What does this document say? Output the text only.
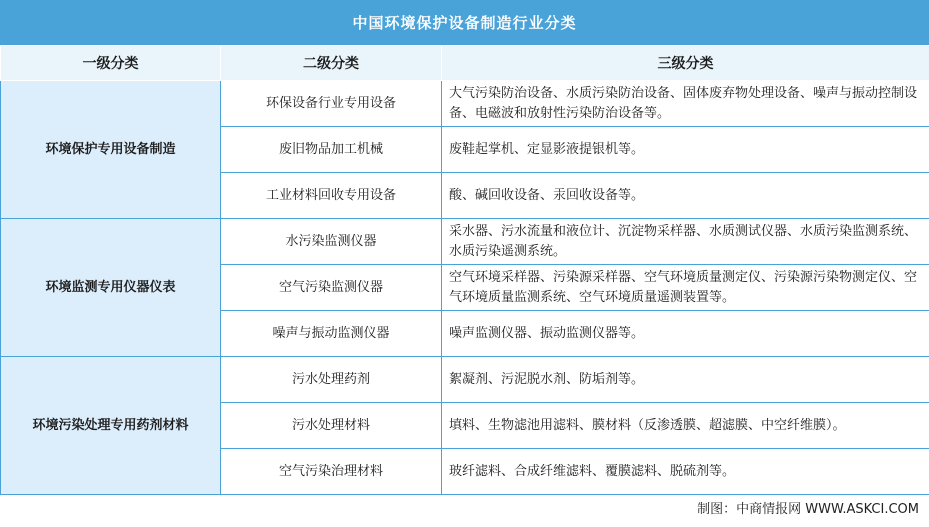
中国环境保护设备制造行业分类
一级分类	二级分类	三级分类
环境保护专用设备制造	环保设备行业专用设备	大气污染防治设备、水质污染防治设备、固体废弃物处理设备、噪声与振动控制设备、电磁波和放射性污染防治设备等。
	废旧物品加工机械	废鞋起掌机、定显影液提银机等。
	工业材料回收专用设备	酸、碱回收设备、汞回收设备等。
环境监测专用仪器仪表	水污染监测仪器	采水器、污水流量和液位计、沉淀物采样器、水质测试仪器、水质污染监测系统、水质污染遥测系统。
	空气污染监测仪器	空气环境采样器、污染源采样器、空气环境质量测定仪、污染源污染物测定仪、空气环境质量监测系统、空气环境质量遥测装置等。
	噪声与振动监测仪器	噪声监测仪器、振动监测仪器等。
环境污染处理专用药剂材料	污水处理药剂	絮凝剂、污泥脱水剂、防垢剂等。
	污水处理材料	填料、生物滤池用滤料、膜材料（反渗透膜、超滤膜、中空纤维膜）。
	空气污染治理材料	玻纤滤料、合成纤维滤料、覆膜滤料、脱硫剂等。
制图：中商情报网 WWW.ASKCI.COM
